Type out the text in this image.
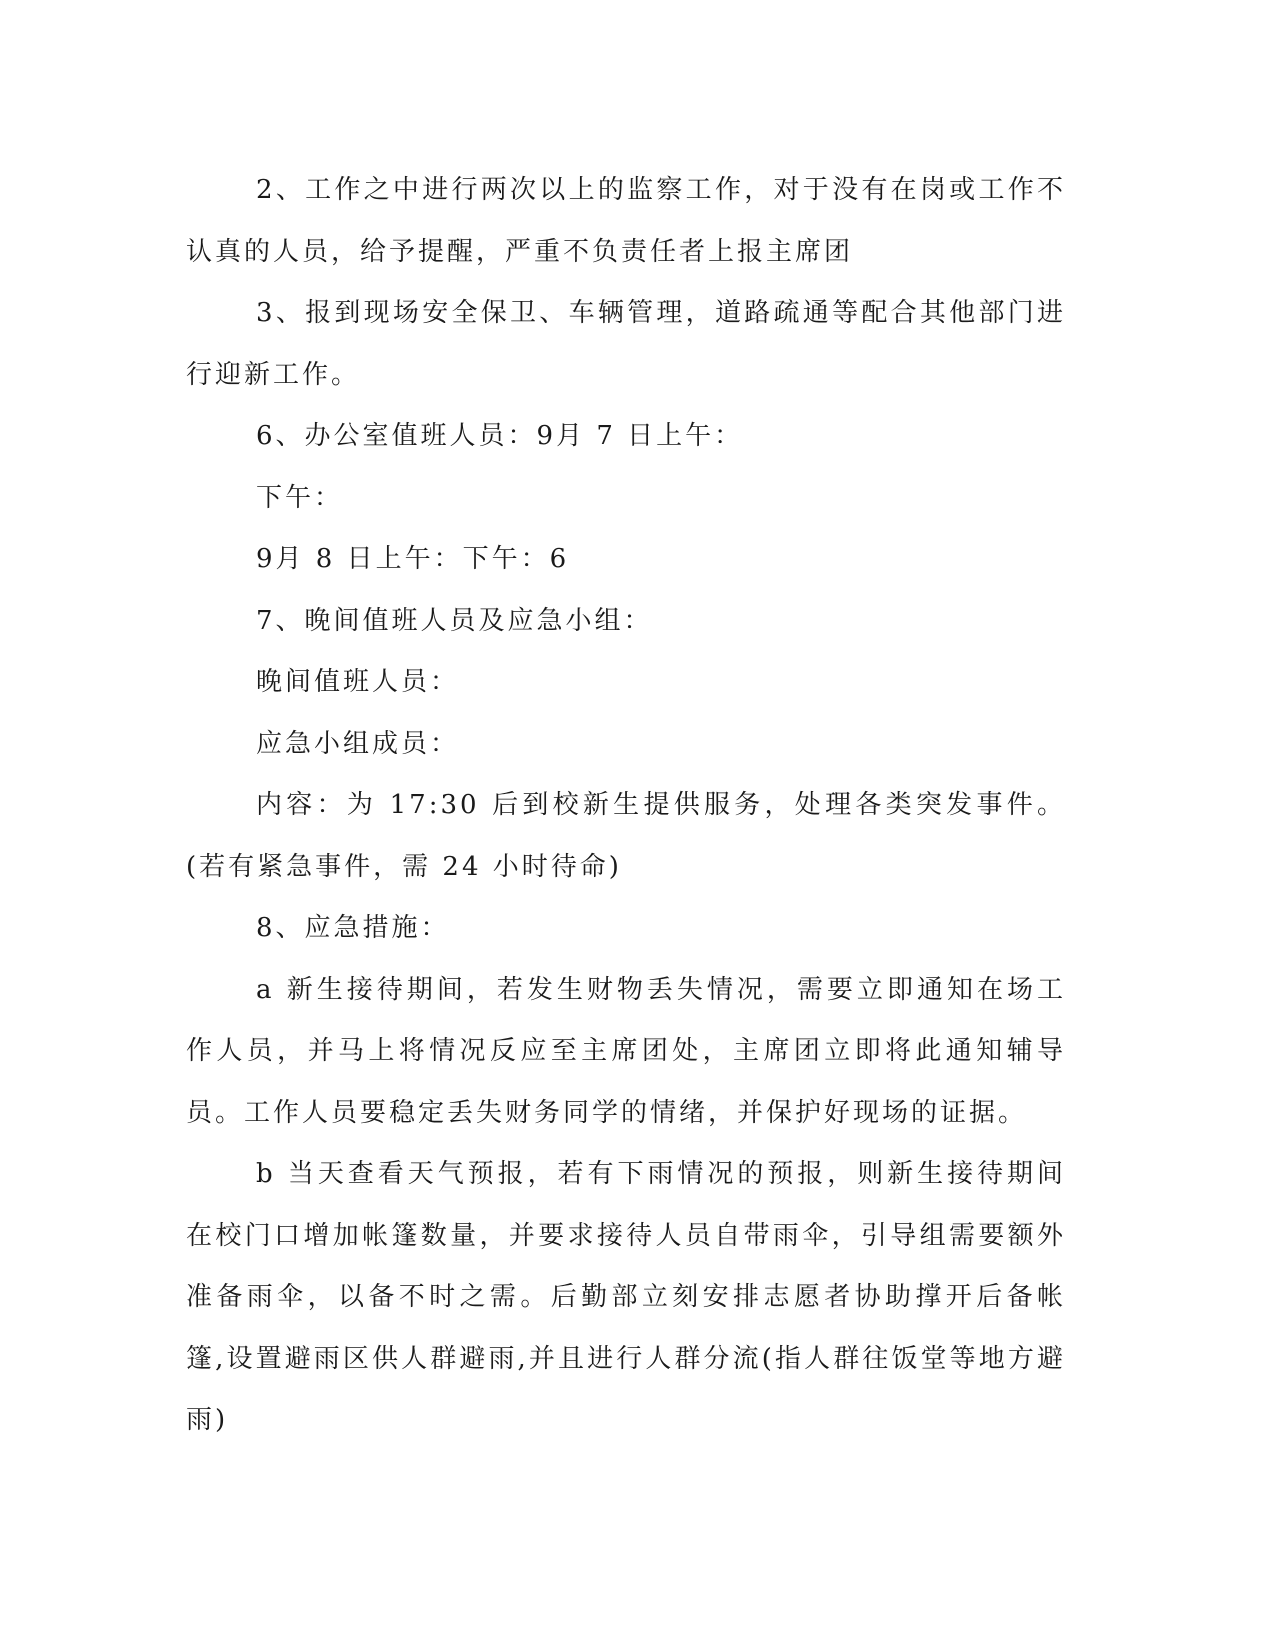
2、工作之中进行两次以上的监察工作，对于没有在岗或工作不认真的人员，给予提醒，严重不负责任者上报主席团

3、报到现场安全保卫、车辆管理，道路疏通等配合其他部门进行迎新工作。

6、办公室值班人员：9月 7 日上午：

下午：

9月 8 日上午：下午：6

7、晚间值班人员及应急小组：

晚间值班人员：

应急小组成员：

内容：为 17:30 后到校新生提供服务，处理各类突发事件。(若有紧急事件，需 24 小时待命)

8、应急措施：

a 新生接待期间，若发生财物丢失情况，需要立即通知在场工作人员，并马上将情况反应至主席团处，主席团立即将此通知辅导员。工作人员要稳定丢失财务同学的情绪，并保护好现场的证据。

b 当天查看天气预报，若有下雨情况的预报，则新生接待期间在校门口增加帐篷数量，并要求接待人员自带雨伞，引导组需要额外准备雨伞，以备不时之需。后勤部立刻安排志愿者协助撑开后备帐篷,设置避雨区供人群避雨,并且进行人群分流(指人群往饭堂等地方避雨)
